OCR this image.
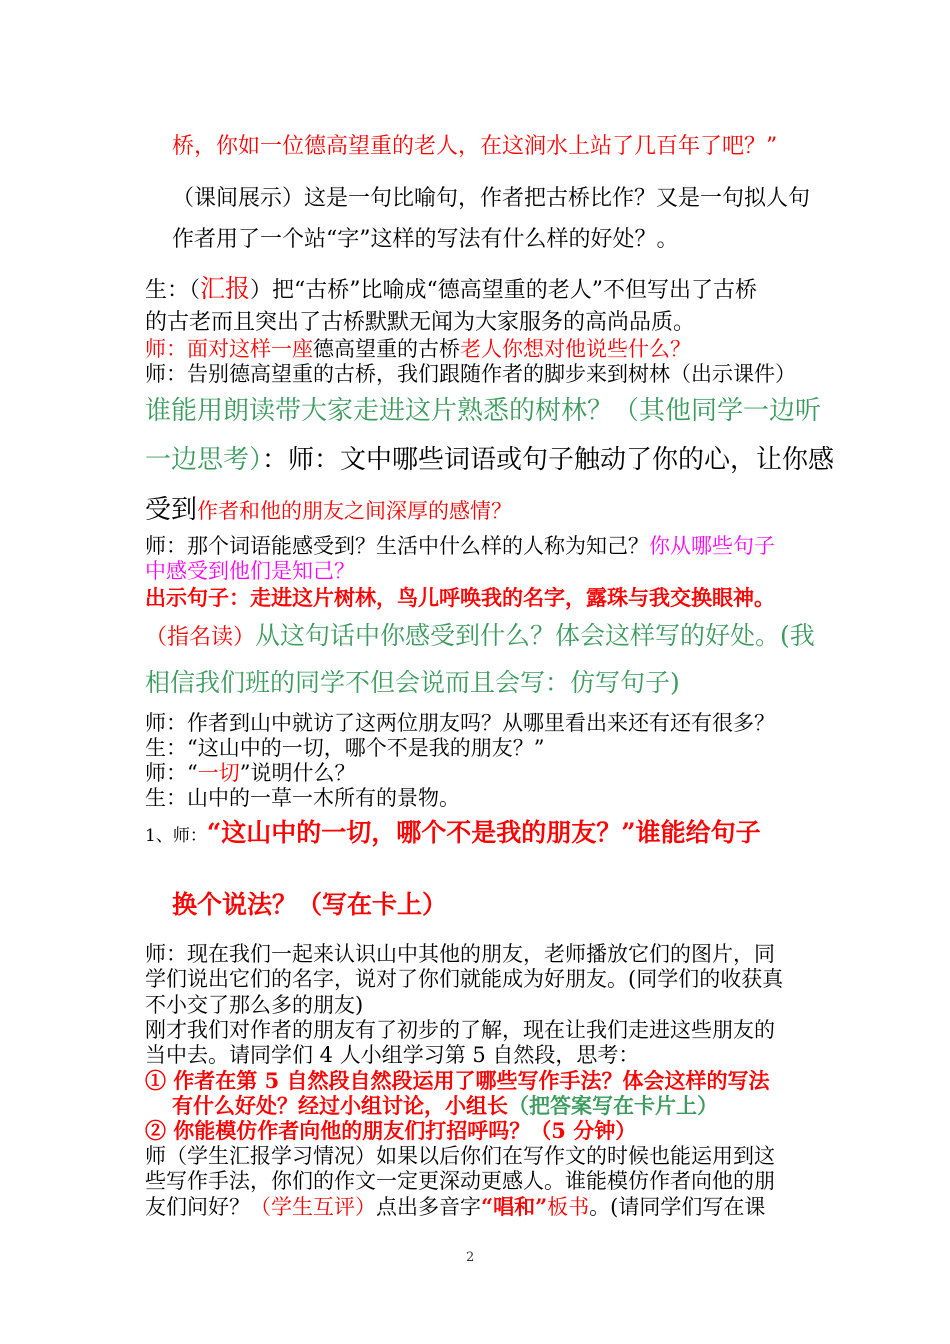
桥，你如一位德高望重的老人，在这涧水上站了几百年了吧？”
（课间展示）这是一句比喻句，作者把古桥比作？又是一句拟人句
作者用了一个站“字”这样的写法有什么样的好处？。
生：（汇报）把“古桥”比喻成“德高望重的老人”不但写出了古桥
的古老而且突出了古桥默默无闻为大家服务的高尚品质。
师：面对这样一座德高望重的古桥老人你想对他说些什么？
师：告别德高望重的古桥，我们跟随作者的脚步来到树林（出示课件）
谁能用朗读带大家走进这片熟悉的树林？（其他同学一边听
一边思考）：师：文中哪些词语或句子触动了你的心，让你感
受到作者和他的朋友之间深厚的感情？
师：那个词语能感受到？生活中什么样的人称为知己？你从哪些句子
中感受到他们是知己？
出示句子：走进这片树林，鸟儿呼唤我的名字，露珠与我交换眼神。
（指名读）从这句话中你感受到什么？体会这样写的好处。(我
相信我们班的同学不但会说而且会写：仿写句子)
师：作者到山中就访了这两位朋友吗？从哪里看出来还有还有很多？
生：“这山中的一切，哪个不是我的朋友？”
师：“一切”说明什么？
生：山中的一草一木所有的景物。
1、师：“这山中的一切，哪个不是我的朋友？”谁能给句子
换个说法？（写在卡上）
师：现在我们一起来认识山中其他的朋友，老师播放它们的图片，同
学们说出它们的名字，说对了你们就能成为好朋友。(同学们的收获真
不小交了那么多的朋友)
刚才我们对作者的朋友有了初步的了解，现在让我们走进这些朋友的
当中去。请同学们 4 人小组学习第 5 自然段，思考：
① 作者在第 5 自然段自然段运用了哪些写作手法？体会这样的写法
有什么好处？经过小组讨论，小组长（把答案写在卡片上）
② 你能模仿作者向他的朋友们打招呼吗？（5 分钟）
师（学生汇报学习情况）如果以后你们在写作文的时候也能运用到这
些写作手法，你们的作文一定更深动更感人。谁能模仿作者向他的朋
友们问好？（学生互评）点出多音字“唱和”板书。(请同学们写在课
2
